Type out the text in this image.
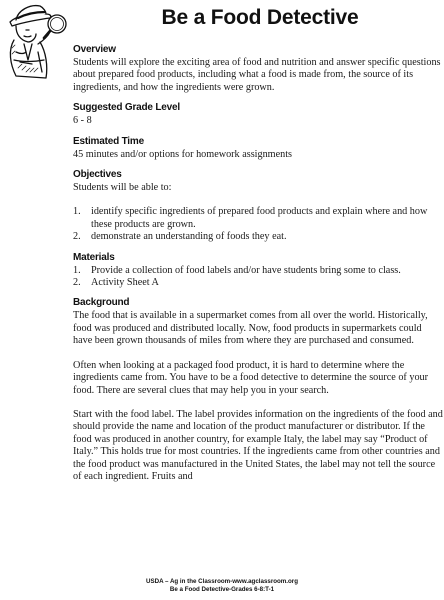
Be a Food Detective
Overview

Students will explore the exciting area of food and nutrition and answer specific questions about prepared food products, including what a food is made from, the source of its ingredients, and how the ingredients were grown.

Suggested Grade Level

6 - 8

Estimated Time

45 minutes and/or options for homework assignments

Objectives

Students will be able to:

1. identify specific ingredients of prepared food products and explain where and how these products are grown.
2. demonstrate an understanding of foods they eat.
Materials
1. Provide a collection of food labels and/or have students bring some to class.
2. Activity Sheet A
Background

The food that is available in a supermarket comes from all over the world. Historically, food was produced and distributed locally. Now, food products in supermarkets could have been grown thousands of miles from where they are purchased and consumed.

Often when looking at a packaged food product, it is hard to determine where the ingredients came from. You have to be a food detective to determine the source of your food. There are several clues that may help you in your search.

Start with the food label. The label provides information on the ingredients of the food and should provide the name and location of the product manufacturer or distributor. If the food was produced in another country, for example Italy, the label may say “Product of Italy.” This holds true for most countries. If the ingredients came from other countries and the food product was manufactured in the United States, the label may not tell the source of each ingredient. Fruits and

USDA – Ag in the Classroom-www.agclassroom.org
Be a Food Detective-Grades 6-8:T-1
